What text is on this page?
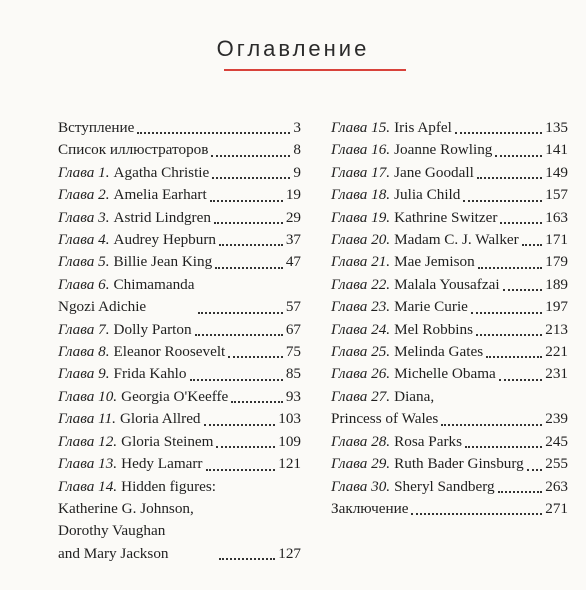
Оглавление
Вступление	3
Список иллюстраторов	8
Глава 1. Agatha Christie	9
Глава 2. Amelia Earhart	19
Глава 3. Astrid Lindgren	29
Глава 4. Audrey Hepburn	37
Глава 5. Billie Jean King	47
Глава 6. Chimamanda
Ngozi Adichie	57
Глава 7. Dolly Parton	67
Глава 8. Eleanor Roosevelt	75
Глава 9. Frida Kahlo	85
Глава 10. Georgia O'Keeffe	93
Глава 11. Gloria Allred	103
Глава 12. Gloria Steinem	109
Глава 13. Hedy Lamarr	121
Глава 14. Hidden figures:
Katherine G. Johnson,
Dorothy Vaughan
and Mary Jackson	127
Глава 15. Iris Apfel	135
Глава 16. Joanne Rowling	141
Глава 17. Jane Goodall	149
Глава 18. Julia Child	157
Глава 19. Kathrine Switzer	163
Глава 20. Madam C. J. Walker 171
Глава 21. Mae Jemison	179
Глава 22. Malala Yousafzai	189
Глава 23. Marie Curie	197
Глава 24. Mel Robbins	213
Глава 25. Melinda Gates	221
Глава 26. Michelle Obama	231
Глава 27. Diana,
Princess of Wales	239
Глава 28. Rosa Parks	245
Глава 29. Ruth Bader Ginsburg 255
Глава 30. Sheryl Sandberg	263
Заключение	271
